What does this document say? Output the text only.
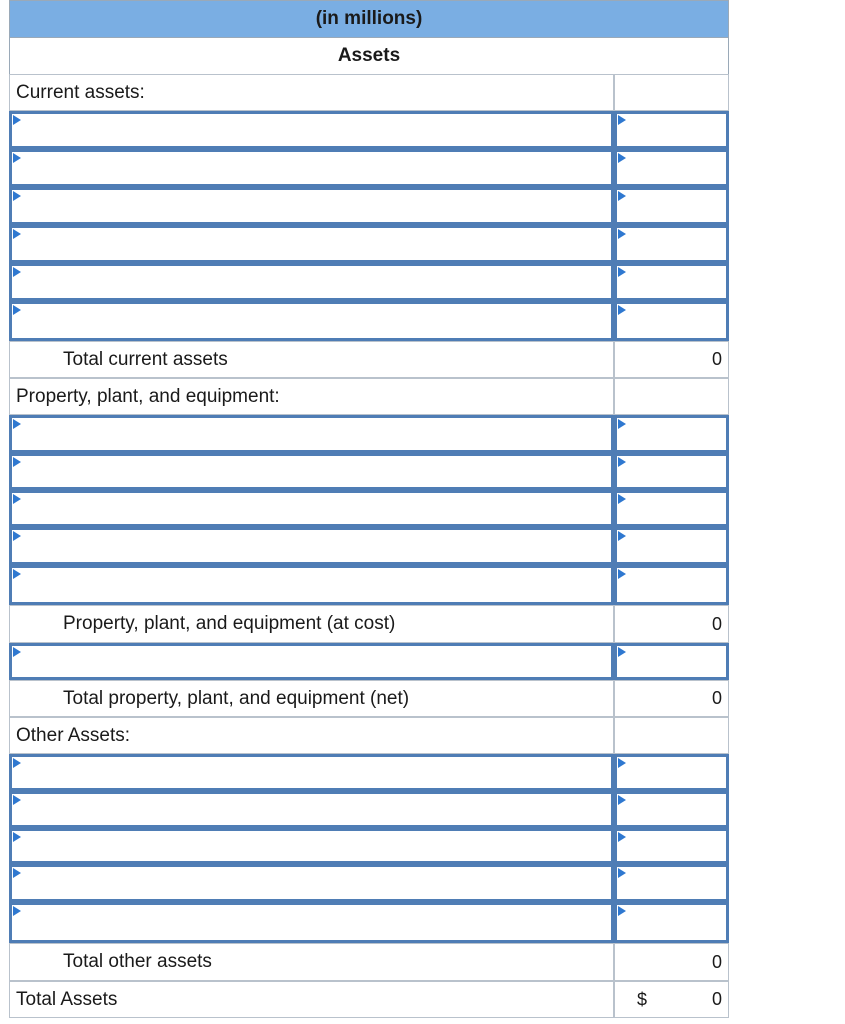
(in millions)
Assets
Current assets:
Total current assets	0
Property, plant, and equipment:
Property, plant, and equipment (at cost)	0
Total property, plant, and equipment (net)	0
Other Assets:
Total other assets	0
Total Assets	$	0
